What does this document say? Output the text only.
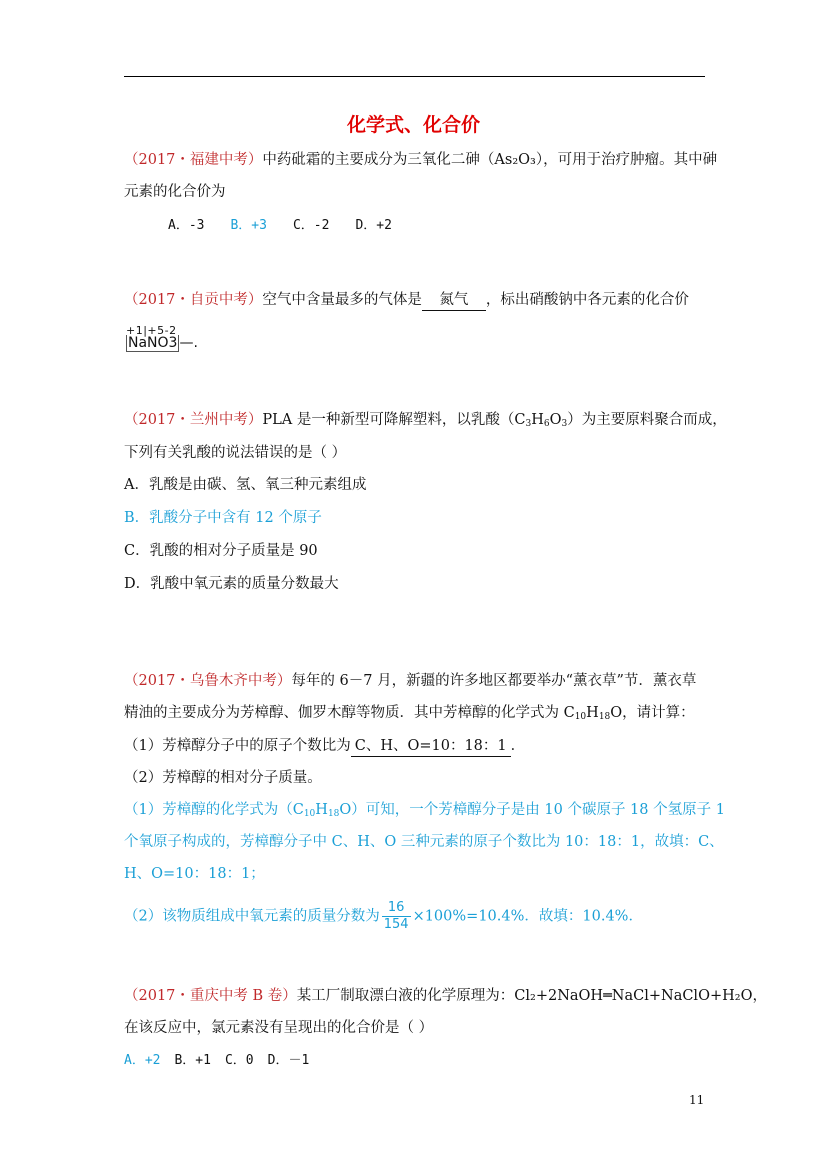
化学式、化合价
（2017・福建中考）中药砒霜的主要成分为三氧化二砷（As₂O₃），可用于治疗肿瘤。其中砷
元素的化合价为
A．-3 B．+3 C．-2 D．+2
（2017・自贡中考）空气中含量最多的气体是 氮气 ，标出硝酸钠中各元素的化合价
+1|+5-2
NaNO3 —.
（2017・兰州中考）PLA 是一种新型可降解塑料，以乳酸$(C_3H_6O_3)$为主要原料聚合而成，
下列有关乳酸的说法错误的是（ ）
A．乳酸是由碳、氢、氧三种元素组成
B．乳酸分子中含有 12 个原子
C．乳酸的相对分子质量是 90
D．乳酸中氧元素的质量分数最大
（2017・乌鲁木齐中考）每年的 6－7 月，新疆的许多地区都要举办“薰衣草”节．薰衣草
精油的主要成分为芳樟醇、伽罗木醇等物质．其中芳樟醇的化学式为 $C_{10}H_{18}O$，请计算：
（1）芳樟醇分子中的原子个数比为 C、H、O=10：18：1 ．
（2）芳樟醇的相对分子质量。
（1）芳樟醇的化学式为$(C_{10}H_{18}O)$可知，一个芳樟醇分子是由 10 个碳原子 18 个氢原子 1
个氧原子构成的，芳樟醇分子中 C、H、O 三种元素的原子个数比为 10：18：1，故填：C、
H、O=10：18：1；
（2）该物质组成中氧元素的质量分数为 $\frac{16}{154} \times 100\%=10.4\%$．故填：10.4%．
（2017・重庆中考 B 卷）某工厂制取漂白液的化学原理为：Cl₂+2NaOH═NaCl+NaClO+H₂O，
在该反应中，氯元素没有呈现出的化合价是（ ）
A．+2 B．+1 C．0 D．－1
11
